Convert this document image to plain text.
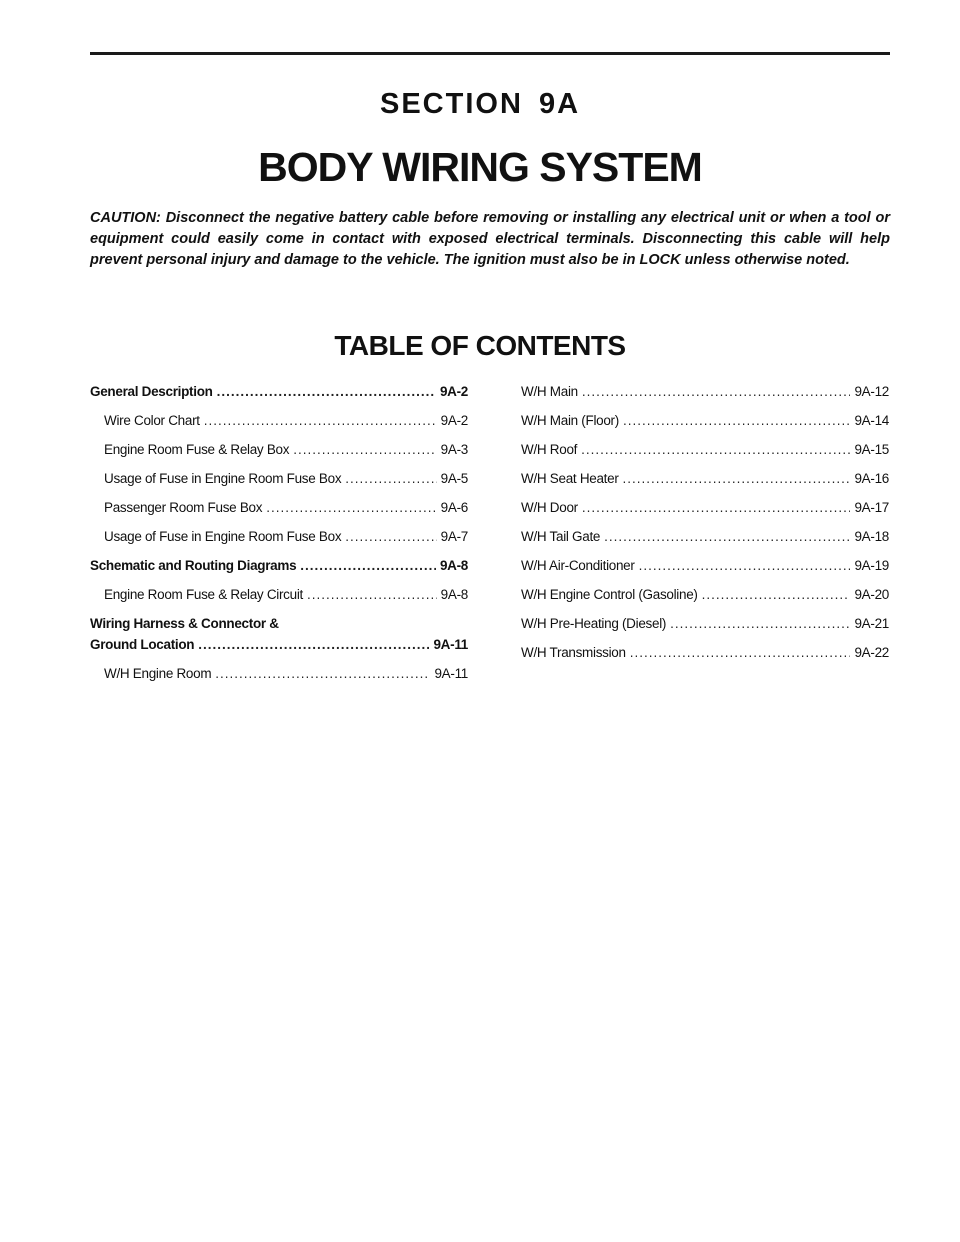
SECTION 9A
BODY WIRING SYSTEM
CAUTION: Disconnect the negative battery cable before removing or installing any electrical unit or when a tool or equipment could easily come in contact with exposed electrical terminals. Disconnecting this cable will help prevent personal injury and damage to the vehicle. The ignition must also be in LOCK unless otherwise noted.
TABLE OF CONTENTS
General Description .....	9A-2
Wire Color Chart .....	9A-2
Engine Room Fuse & Relay Box .....	9A-3
Usage of Fuse in Engine Room Fuse Box .....	9A-5
Passenger Room Fuse Box .....	9A-6
Usage of Fuse in Engine Room Fuse Box .....	9A-7
Schematic and Routing Diagrams .....	9A-8
Engine Room Fuse & Relay Circuit .....	9A-8
Wiring Harness & Connector &
Ground Location .....	9A-11
W/H Engine Room .....	9A-11
W/H Main .....	9A-12
W/H Main (Floor) .....	9A-14
W/H Roof .....	9A-15
W/H Seat Heater .....	9A-16
W/H Door .....	9A-17
W/H Tail Gate .....	9A-18
W/H Air-Conditioner .....	9A-19
W/H Engine Control (Gasoline) .....	9A-20
W/H Pre-Heating (Diesel) .....	9A-21
W/H Transmission .....	9A-22
